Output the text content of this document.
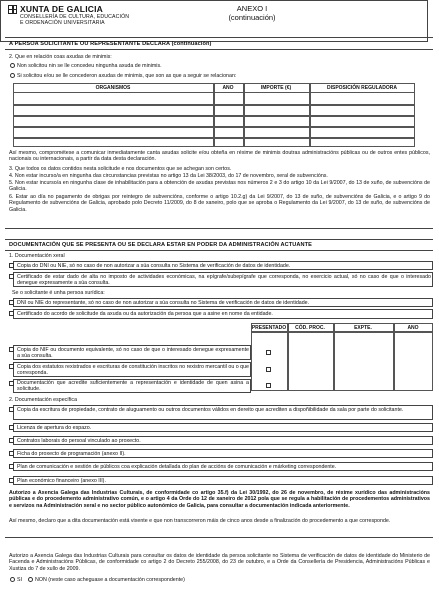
XUNTA DE GALICIA
CONSELLERÍA DE CULTURA, EDUCACIÓN
E ORDENACIÓN UNIVERSITARIA
ANEXO I
(continuación)
A PERSOA SOLICITANTE OU REPRESENTANTE DECLARA (continuación)
2. Que en relación coas axudas de minimis:
Non solicitou nin se lle concedeu ningunha axuda de minimis.
Si solicitou e/ou se lle concederon axudas de minimis, que son as que a seguir se relacionan:
ORGANISMOS	ANO	IMPORTE (€)	DISPOSICIÓN REGULADORA
Así mesmo, comprométese a comunicar inmediatamente canta axudas solicite e/ou obteña en réxime de minimis doutras administracións públicas ou de outros entes públicos, nacionais ou internacionais, a partir da data desta declaración.
3. Que todos os datos contidos nesta solicitude e nos documentos que se achegan son certos.
4. Non estar incurso/a en ningunha das circunstancias previstas no artigo 13 da Lei 38/2003, do 17 de novembro, xeral de subvencións.
5. Non estar incurso/a en ningunha clase de inhabilitación para a obtención de axudas previstas nos números 2 e 3 do artigo 10 da Lei 9/2007, do 13 de xuño, de subvencións de Galicia.
6. Estar ao día no pagamento de obrigas por reintegro de subvencións, conforme o artigo 10.2.g) da Lei 9/2007, do 13 de xuño, de subvencións de Galicia, e o artigo 9 do Regulamento de subvencións de Galicia, aprobado polo Decreto 11/2009, do 8 de xaneiro, polo que se aproba o Regulamento da Lei 9/2007, do 13 de xuño, de subvencións de Galicia.
DOCUMENTACIÓN QUE SE PRESENTA OU SE DECLARA ESTAR EN PODER DA ADMINISTRACIÓN ACTUANTE
1. Documentación xeral
Copia do DNI ou NIE, só no caso de non autorizar a súa consulta no Sistema de verificación de datos de identidade.
Certificado de estar dado de alta no imposto de actividades económicas, na epígrafe/subepígrafe que corresponda, no exercicio actual, só no caso de que o interesado denegue expresamente a súa consulta.
Se o solicitante é unha persoa xurídica:
DNI ou NIE do representante, só no caso de non autorizar a súa consulta no Sistema de verificación de datos de identidade.
Certificado do acordo de solicitude da axuda ou da autorización da persoa que a asine en nome da entidade.
PRESENTADO	CÓD. PROC.	EXPTE.	ANO
Copia do NIF ou documento equivalente, só no caso de que o interesado denegue expresamente a súa consulta.
Copia dos estatutos rexistrados e escrituras de constitución inscritos no rexistro mercantil ou o que corresponda.
Documentación que acredite suficientemente a representación e identidade de quen asina a solicitude.
2. Documentación específica
Copia da escritura de propiedade, contrato de aluguamento ou outros documentos válidos en dereito que acrediten a dispoñibilidade da sala por parte do solicitante.
Licenza de apertura do espazo.
Contratos laborais do persoal vinculado ao proxecto.
Ficha do proxecto de programación (anexo II).
Plan de comunicación e xestión de públicos coa explicación detallada do plan de accións de comunicación e márketing correspondente.
Plan económico financeiro (anexo III).
Autorizo a Axencia Galega das Industrias Culturais, de conformidade co artigo 35.f) da Lei 30/1992, do 26 de novembro, de réxime xurídico das administracións públicas e do procedemento administrativo común, e o artigo 4 da Orde do 12 de xaneiro de 2012 pola que se regula a habilitación de procedementos administrativos e servizos na Administración xeral e no sector público autonómico de Galicia, para consultar a documentación indicada anteriormente.
Así mesmo, declaro que a dita documentación está vixente e que non transcorreron máis de cinco anos desde a finalización do procedemento a que corresponde.
Autorizo a Axencia Galega das Industrias Culturais para consultar os datos de identidade da persoa solicitante no Sistema de verificación de datos de identidade do Ministerio de Facenda e Administracións Públicas, de conformidade co artigo 2 do Decreto 255/2008, do 23 de outubro, e a Orde da Consellería de Presidencia, Administracións Públicas e Xustiza do 7 de xullo de 2009.
SI	NON (neste caso acheguase a documentación correspondente)
